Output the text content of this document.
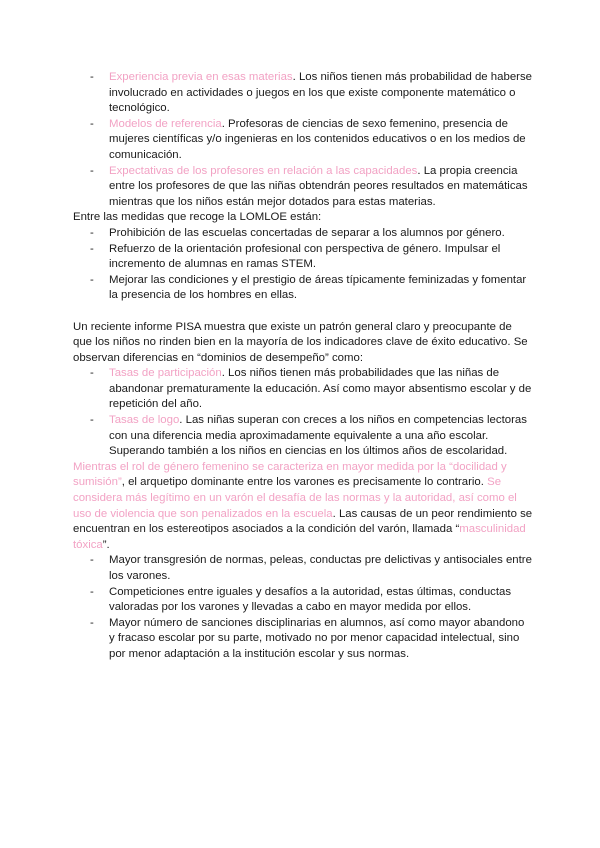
- Experiencia previa en esas materias. Los niños tienen más probabilidad de haberse involucrado en actividades o juegos en los que existe componente matemático o tecnológico.
- Modelos de referencia. Profesoras de ciencias de sexo femenino, presencia de mujeres científicas y/o ingenieras en los contenidos educativos o en los medios de comunicación.
- Expectativas de los profesores en relación a las capacidades. La propia creencia entre los profesores de que las niñas obtendrán peores resultados en matemáticas mientras que los niños están mejor dotados para estas materias.

Entre las medidas que recoge la LOMLOE están:

- Prohibición de las escuelas concertadas de separar a los alumnos por género.
- Refuerzo de la orientación profesional con perspectiva de género. Impulsar el incremento de alumnas en ramas STEM.
- Mejorar las condiciones y el prestigio de áreas típicamente feminizadas y fomentar la presencia de los hombres en ellas.

Un reciente informe PISA muestra que existe un patrón general claro y preocupante de que los niños no rinden bien en la mayoría de los indicadores clave de éxito educativo. Se observan diferencias en “dominios de desempeño” como:

- Tasas de participación. Los niños tienen más probabilidades que las niñas de abandonar prematuramente la educación. Así como mayor absentismo escolar y de repetición del año.
- Tasas de logo. Las niñas superan con creces a los niños en competencias lectoras con una diferencia media aproximadamente equivalente a una año escolar. Superando también a los niños en ciencias en los últimos años de escolaridad.

Mientras el rol de género femenino se caracteriza en mayor medida por la “docilidad y sumisión”, el arquetipo dominante entre los varones es precisamente lo contrario. Se considera más legítimo en un varón el desafía de las normas y la autoridad, así como el uso de violencia que son penalizados en la escuela. Las causas de un peor rendimiento se encuentran en los estereotipos asociados a la condición del varón, llamada “masculinidad tóxica”.

- Mayor transgresión de normas, peleas, conductas pre delictivas y antisociales entre los varones.
- Competiciones entre iguales y desafíos a la autoridad, estas últimas, conductas valoradas por los varones y llevadas a cabo en mayor medida por ellos.
- Mayor número de sanciones disciplinarias en alumnos, así como mayor abandono y fracaso escolar por su parte, motivado no por menor capacidad intelectual, sino por menor adaptación a la institución escolar y sus normas.
